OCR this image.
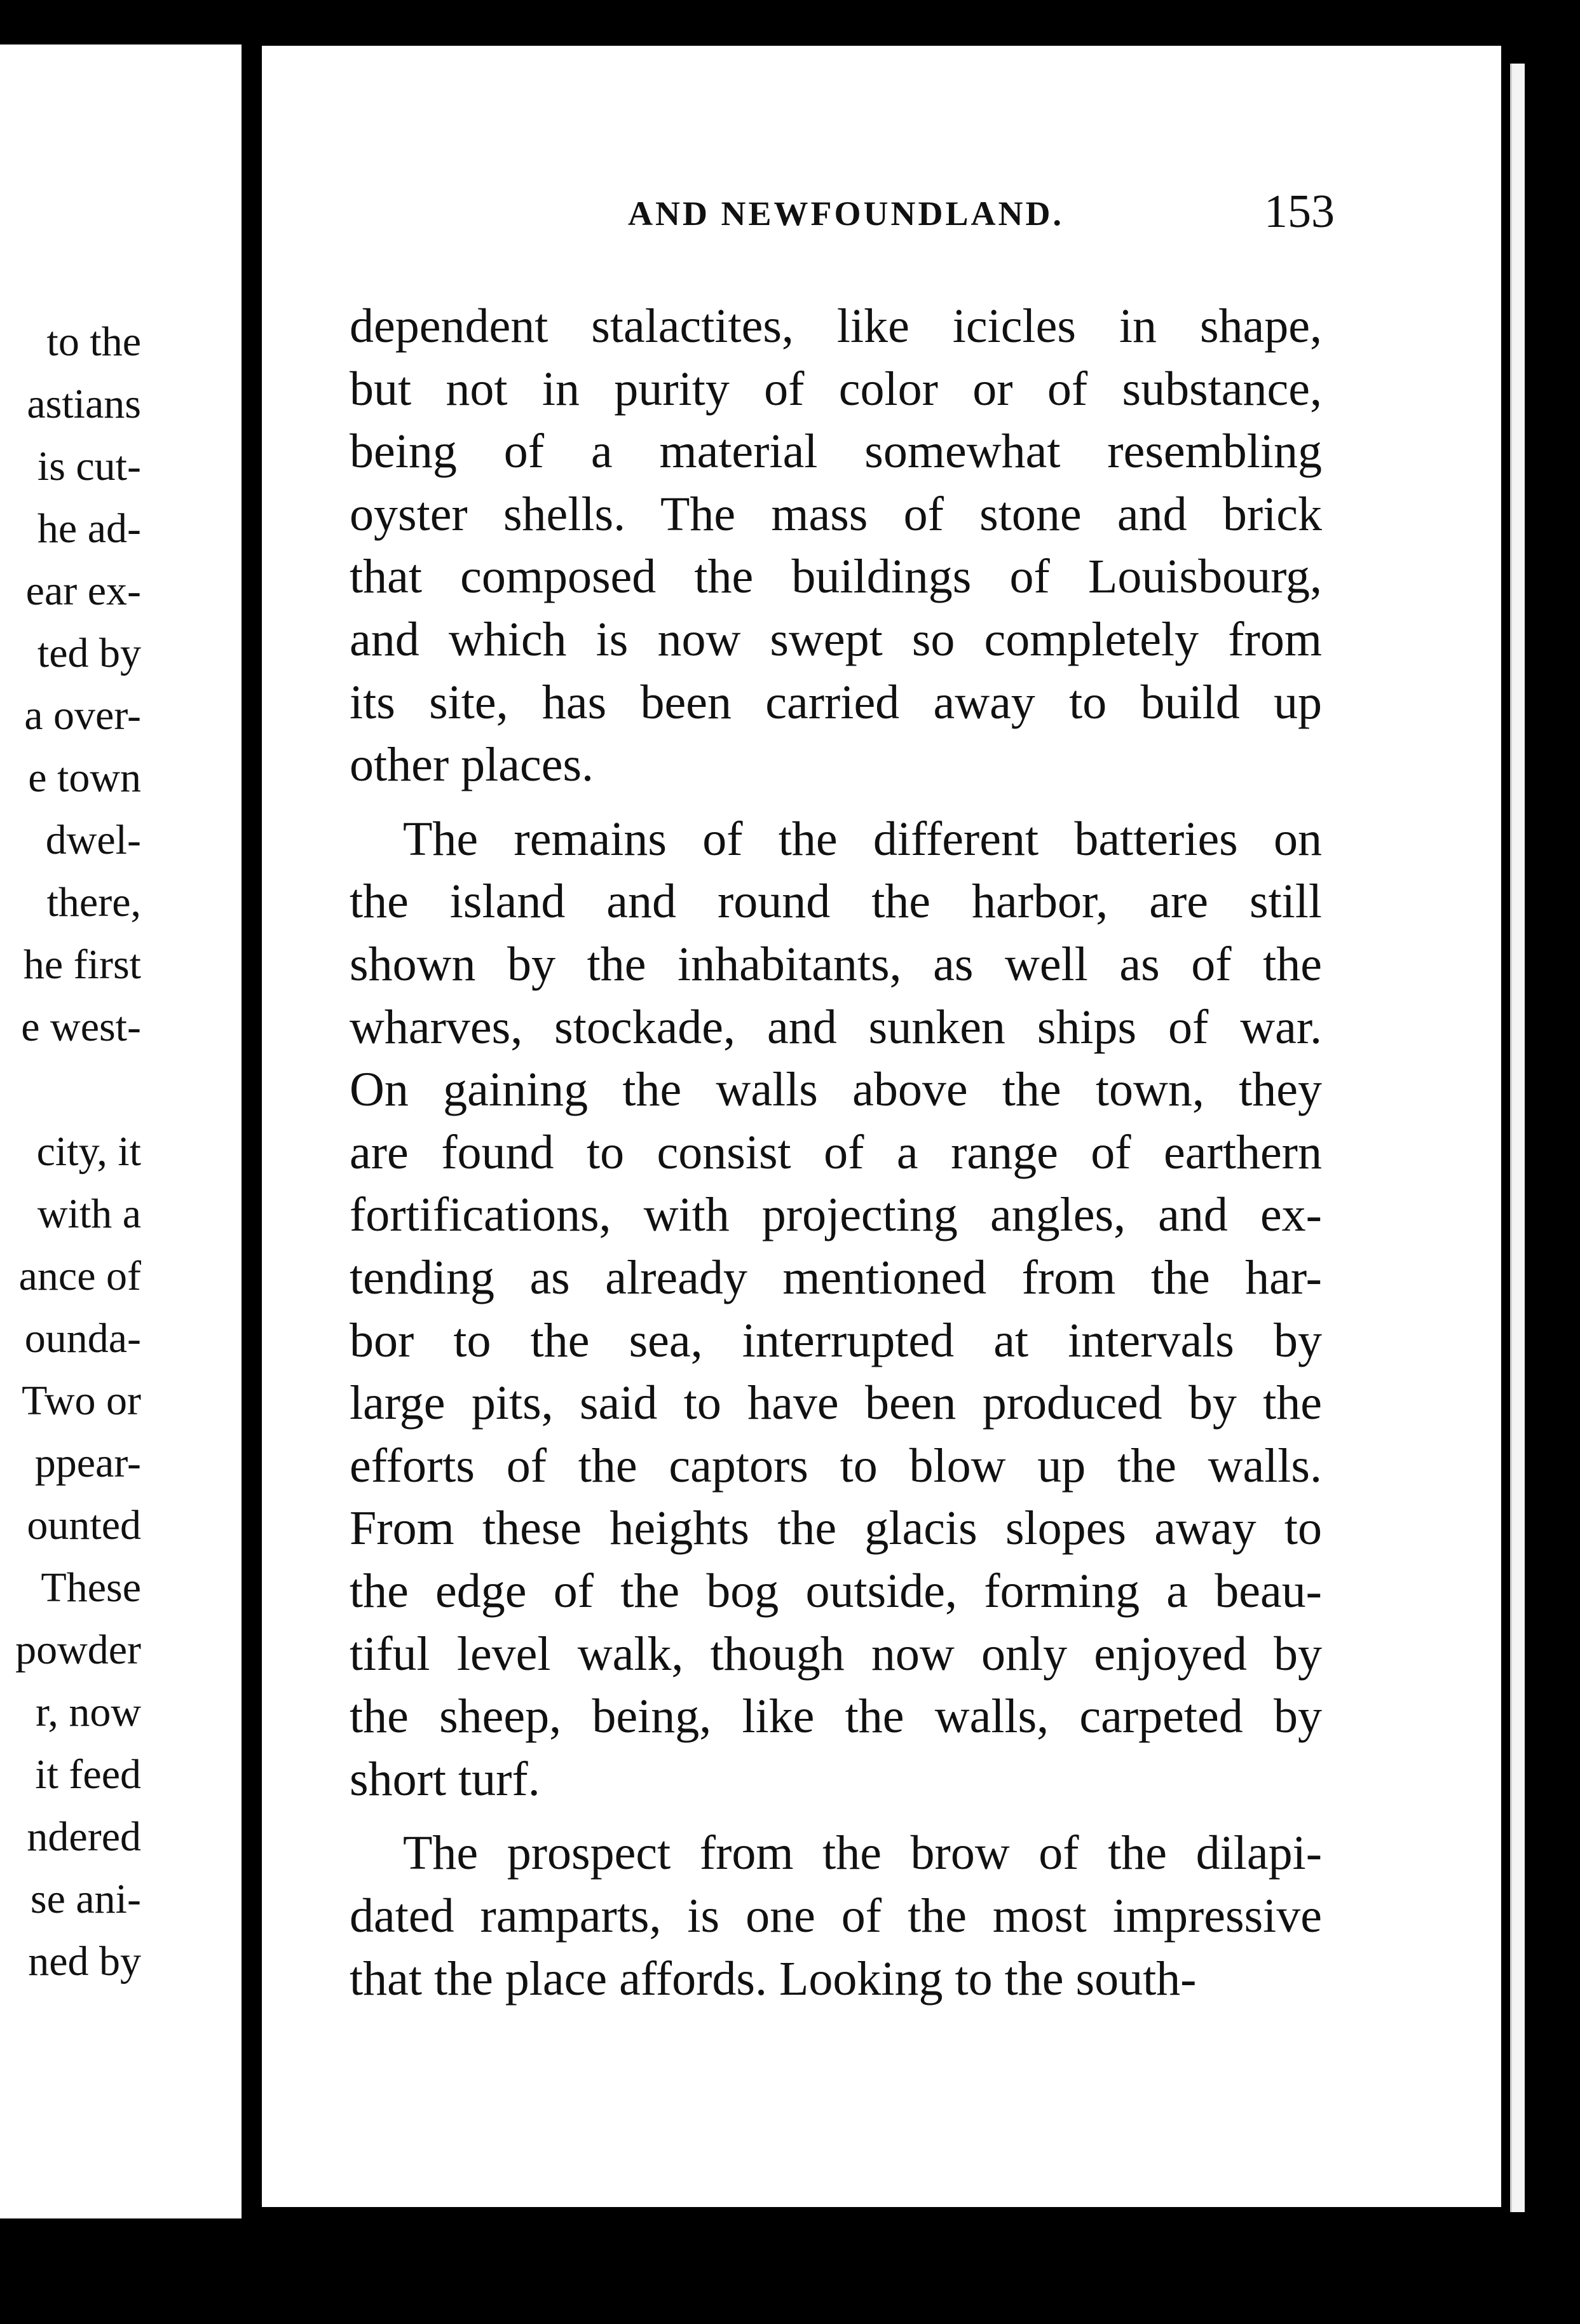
to the

astians

is cut-

he ad-

ear ex-

ted by

a over-

e town

dwel-

there,

he first

e west-

city, it

with a

ance of

ounda-

Two or

ppear-

ounted

These

powder

r, now

it feed

ndered

se ani-

ned by

AND NEWFOUNDLAND.	153

dependent stalactites, like icicles in shape,

but not in purity of color or of substance,

being of a material somewhat resembling

oyster shells. The mass of stone and brick

that composed the buildings of Louisbourg,

and which is now swept so completely from

its site, has been carried away to build up

other places.

The remains of the different batteries on

the island and round the harbor, are still

shown by the inhabitants, as well as of the

wharves, stockade, and sunken ships of war.

On gaining the walls above the town, they

are found to consist of a range of earthern

fortifications, with projecting angles, and ex-

tending as already mentioned from the har-

bor to the sea, interrupted at intervals by

large pits, said to have been produced by the

efforts of the captors to blow up the walls.

From these heights the glacis slopes away to

the edge of the bog outside, forming a beau-

tiful level walk, though now only enjoyed by

the sheep, being, like the walls, carpeted by

short turf.

The prospect from the brow of the dilapi-

dated ramparts, is one of the most impressive

that the place affords. Looking to the south-
